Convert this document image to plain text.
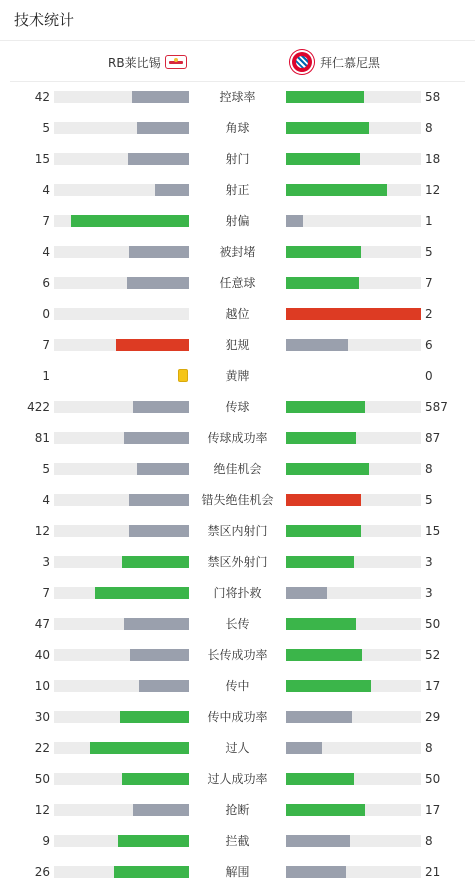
技术统计
RB莱比锡	拜仁慕尼黑
42	控球率	58
5	角球	8
15	射门	18
4	射正	12
7	射偏	1
4	被封堵	5
6	任意球	7
0	越位	2
7	犯规	6
1	黄牌	0
422	传球	587
81	传球成功率	87
5	绝佳机会	8
4	错失绝佳机会	5
12	禁区内射门	15
3	禁区外射门	3
7	门将扑救	3
47	长传	50
40	长传成功率	52
10	传中	17
30	传中成功率	29
22	过人	8
50	过人成功率	50
12	抢断	17
9	拦截	8
26	解围	21
